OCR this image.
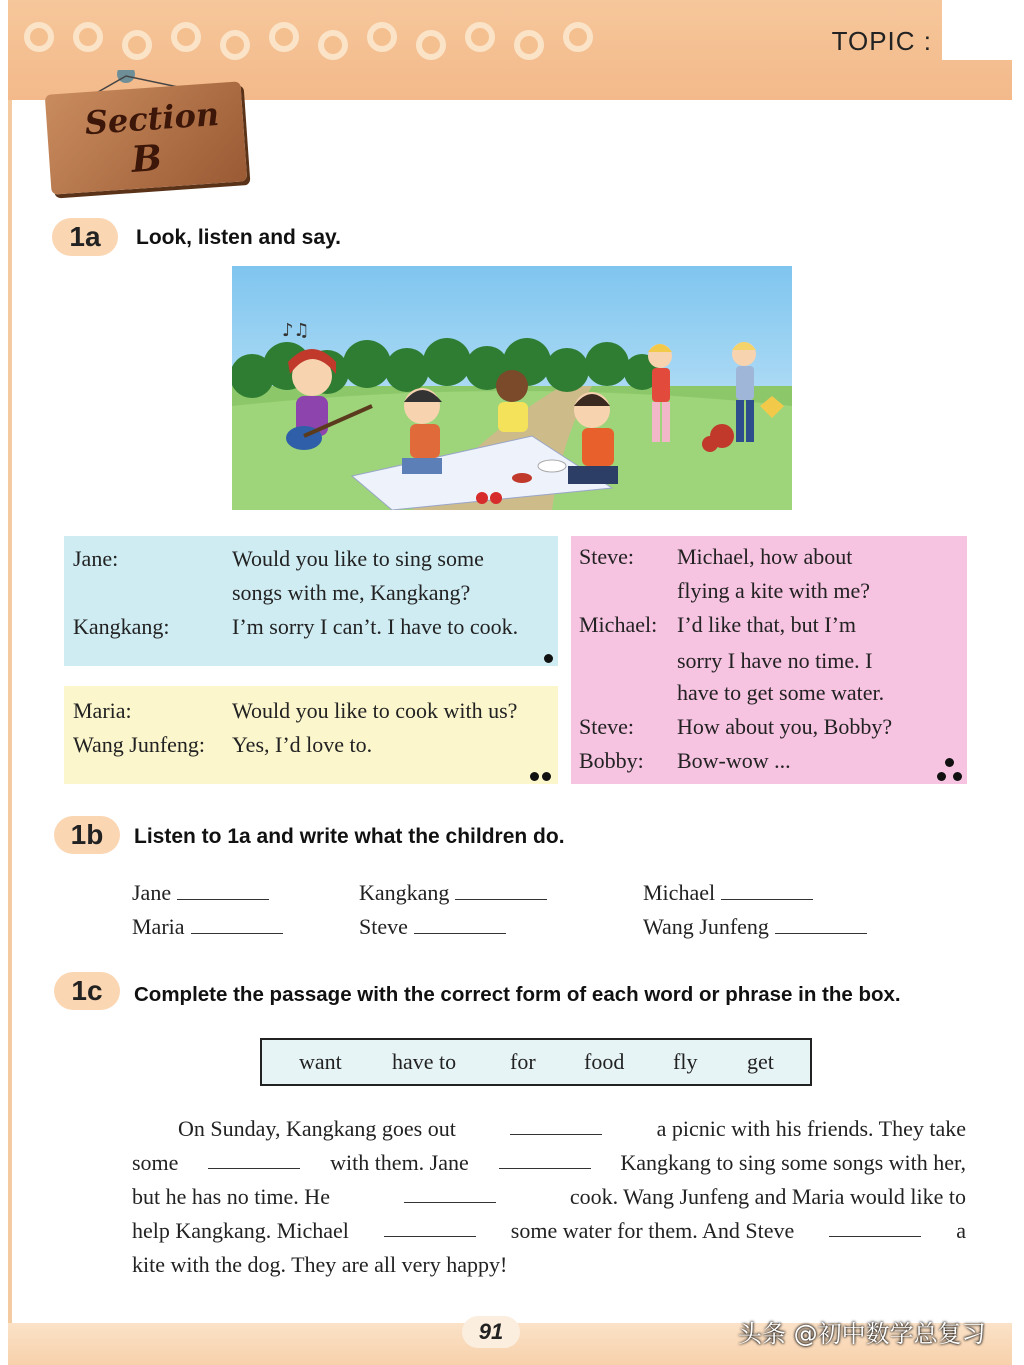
TOPIC :
Section
B
1a	Look, listen and say.
♪♫
Jane:	Would you like to sing some
songs with me, Kangkang?
Kangkang:	I’m sorry I can’t. I have to cook.
Maria:	Would you like to cook with us?
Wang Junfeng: Yes, I’d love to.
Steve: Michael, how about
flying a kite with me?
Michael: I’d like that, but I’m
sorry I have no time. I
have to get some water.
Steve: How about you, Bobby?
Bobby: Bow-wow ...
1b	Listen to 1a and write what the children do.
Jane	Kangkang	Michael
Maria	Steve	Wang Junfeng
1c	Complete the passage with the correct form of each word or phrase in the box.
want have to for food fly get
On Sunday, Kangkang goes out	a picnic with his friends. They take
some	with them. Jane	Kangkang to sing some songs with her,
but he has no time. He	cook. Wang Junfeng and Maria would like to
help Kangkang. Michael	some water for them. And Steve	a
kite with the dog. They are all very happy!
91	头条 @初中数学总复习
